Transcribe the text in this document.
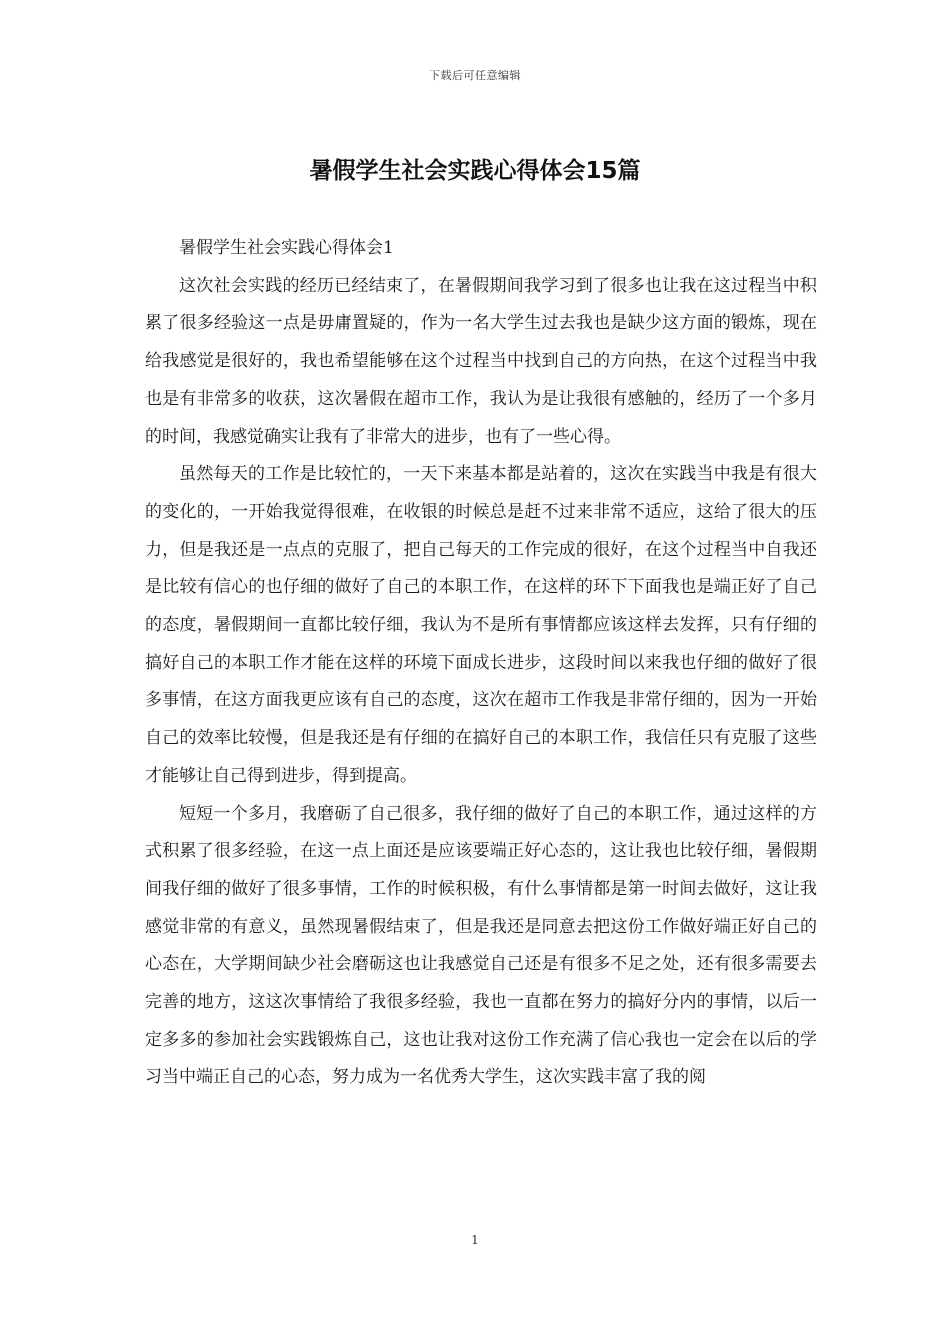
下载后可任意编辑
暑假学生社会实践心得体会15篇

暑假学生社会实践心得体会1

这次社会实践的经历已经结束了，在暑假期间我学习到了很多也让我在这过程当中积累了很多经验这一点是毋庸置疑的，作为一名大学生过去我也是缺少这方面的锻炼，现在给我感觉是很好的，我也希望能够在这个过程当中找到自己的方向热，在这个过程当中我也是有非常多的收获，这次暑假在超市工作，我认为是让我很有感触的，经历了一个多月的时间，我感觉确实让我有了非常大的进步，也有了一些心得。

虽然每天的工作是比较忙的，一天下来基本都是站着的，这次在实践当中我是有很大的变化的，一开始我觉得很难，在收银的时候总是赶不过来非常不适应，这给了很大的压力，但是我还是一点点的克服了，把自己每天的工作完成的很好，在这个过程当中自我还是比较有信心的也仔细的做好了自己的本职工作，在这样的环下下面我也是端正好了自己的态度，暑假期间一直都比较仔细，我认为不是所有事情都应该这样去发挥，只有仔细的搞好自己的本职工作才能在这样的环境下面成长进步，这段时间以来我也仔细的做好了很多事情，在这方面我更应该有自己的态度，这次在超市工作我是非常仔细的，因为一开始自己的效率比较慢，但是我还是有仔细的在搞好自己的本职工作，我信任只有克服了这些才能够让自己得到进步，得到提高。

短短一个多月，我磨砺了自己很多，我仔细的做好了自己的本职工作，通过这样的方式积累了很多经验，在这一点上面还是应该要端正好心态的，这让我也比较仔细，暑假期间我仔细的做好了很多事情，工作的时候积极，有什么事情都是第一时间去做好，这让我感觉非常的有意义，虽然现暑假结束了，但是我还是同意去把这份工作做好端正好自己的心态在，大学期间缺少社会磨砺这也让我感觉自己还是有很多不足之处，还有很多需要去完善的地方，这这次事情给了我很多经验，我也一直都在努力的搞好分内的事情，以后一定多多的参加社会实践锻炼自己，这也让我对这份工作充满了信心我也一定会在以后的学习当中端正自己的心态，努力成为一名优秀大学生，这次实践丰富了我的阅

1
